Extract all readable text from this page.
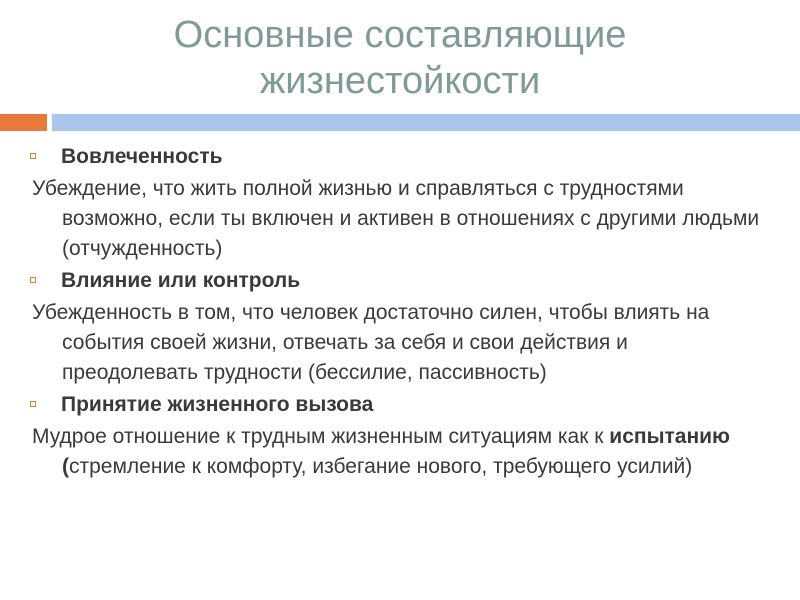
Основные составляющие
жизнестойкости
Вовлеченность

Убеждение, что жить полной жизнью и справляться с трудностями возможно, если ты включен и активен в отношениях с другими людьми (отчужденность)

Влияние или контроль

Убежденность в том, что человек достаточно силен, чтобы влиять на события своей жизни, отвечать за себя и свои действия и преодолевать трудности (бессилие, пассивность)

Принятие жизненного вызова

Мудрое отношение к трудным жизненным ситуациям как к испытанию (стремление к комфорту, избегание нового, требующего усилий)
